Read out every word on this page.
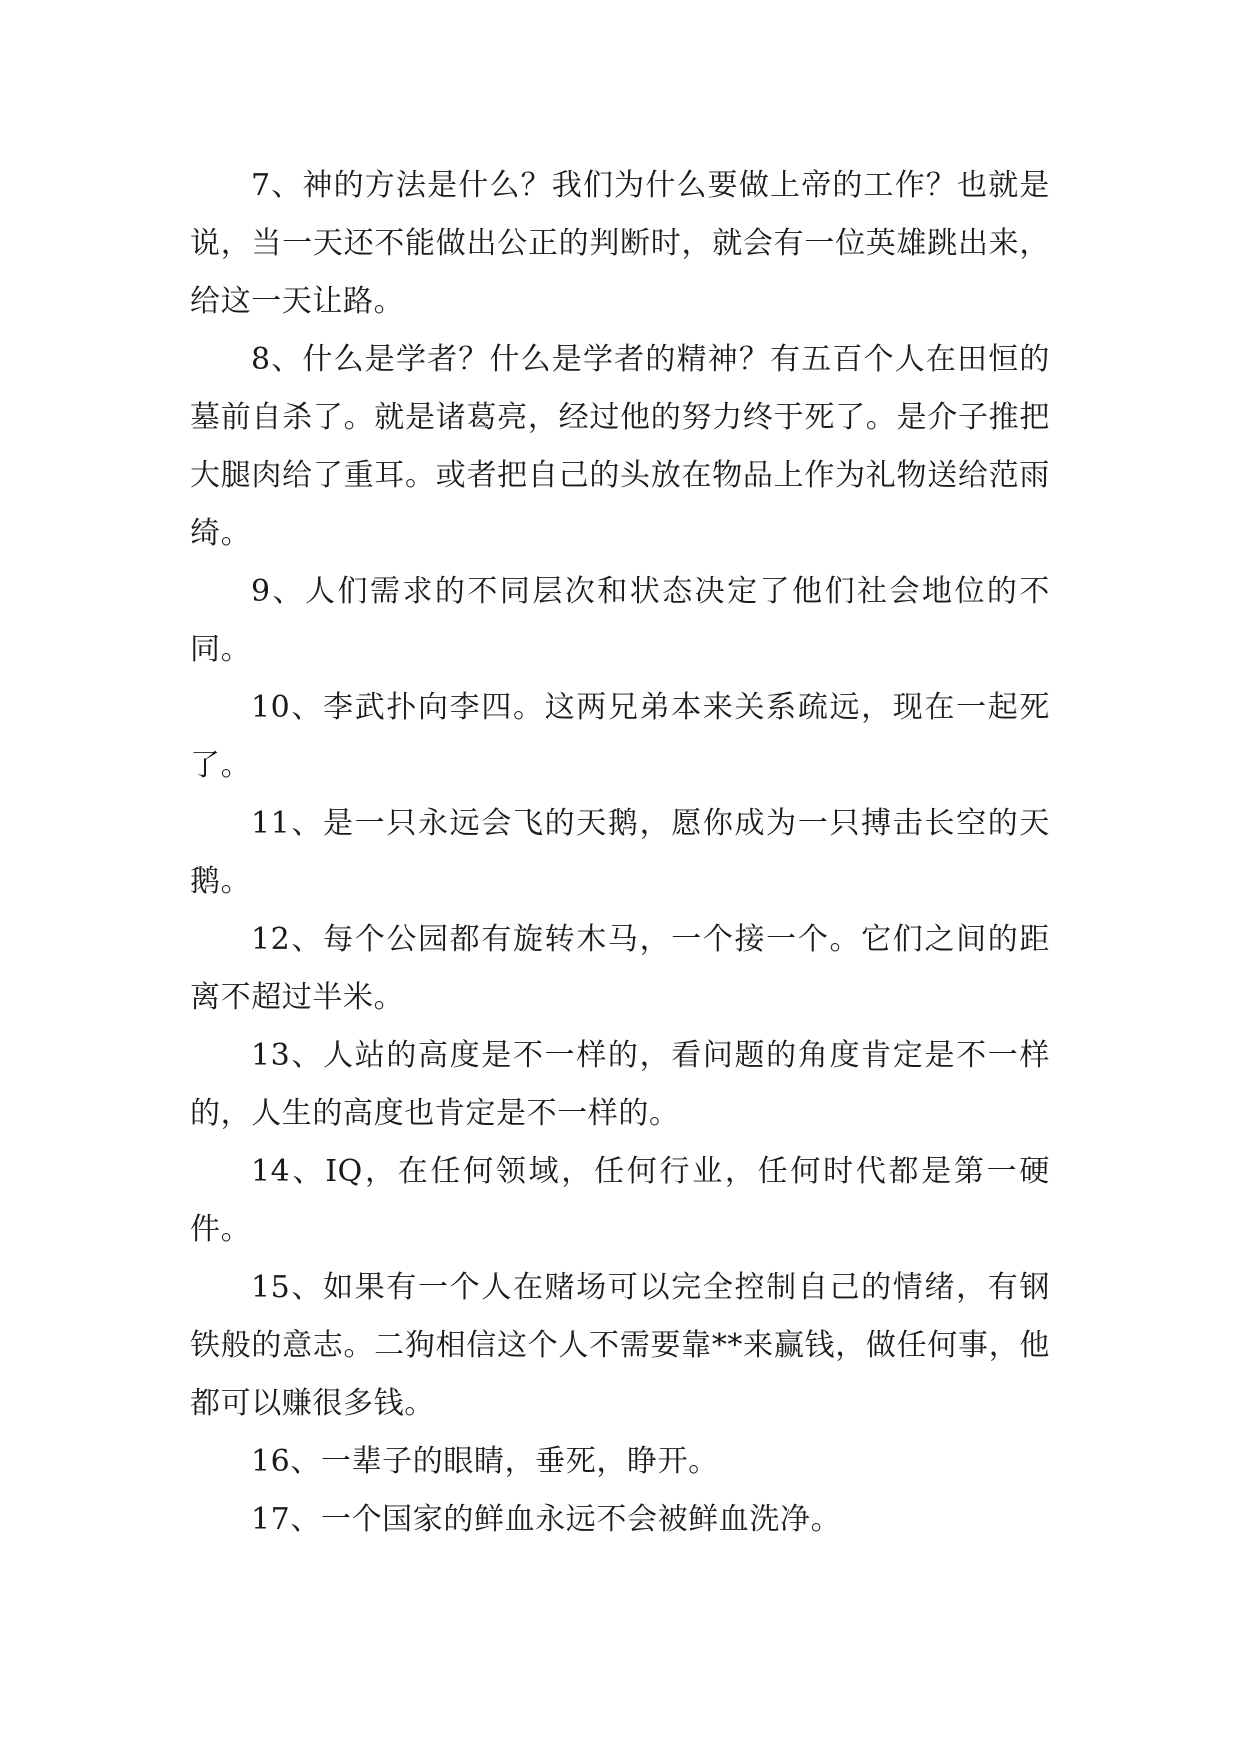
7、神的方法是什么？我们为什么要做上帝的工作？也就是说，当一天还不能做出公正的判断时，就会有一位英雄跳出来，给这一天让路。

8、什么是学者？什么是学者的精神？有五百个人在田恒的墓前自杀了。就是诸葛亮，经过他的努力终于死了。是介子推把大腿肉给了重耳。或者把自己的头放在物品上作为礼物送给范雨绮。

9、人们需求的不同层次和状态决定了他们社会地位的不同。

10、李武扑向李四。这两兄弟本来关系疏远，现在一起死了。

11、是一只永远会飞的天鹅，愿你成为一只搏击长空的天鹅。

12、每个公园都有旋转木马，一个接一个。它们之间的距离不超过半米。

13、人站的高度是不一样的，看问题的角度肯定是不一样的，人生的高度也肯定是不一样的。

14、IQ，在任何领域，任何行业，任何时代都是第一硬件。

15、如果有一个人在赌场可以完全控制自己的情绪，有钢铁般的意志。二狗相信这个人不需要靠**来赢钱，做任何事，他都可以赚很多钱。

16、一辈子的眼睛，垂死，睁开。

17、一个国家的鲜血永远不会被鲜血洗净。
